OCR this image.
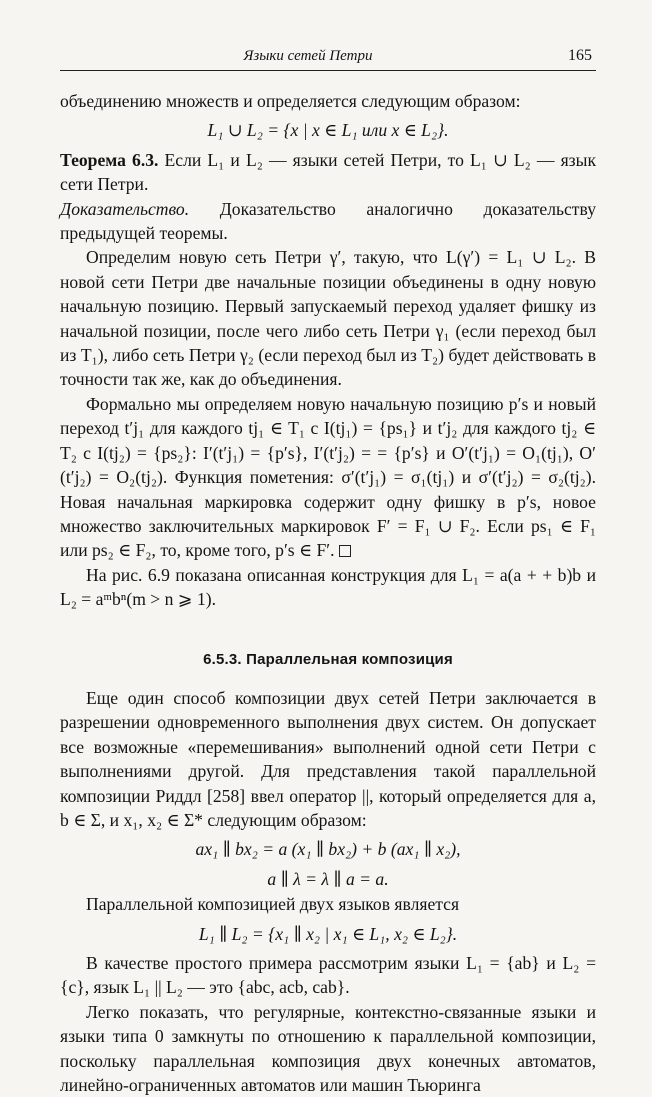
Языки сетей Петри	165

объединению множеств и определяется следующим образом:

L₁ ∪ L₂ = {x | x ∈ L₁ или x ∈ L₂}.

Теорема 6.3. Если L₁ и L₂ — языки сетей Петри, то L₁ ∪ L₂ — язык сети Петри.

Доказательство. Доказательство аналогично доказательству предыдущей теоремы.

Определим новую сеть Петри γ′, такую, что L(γ′) = L₁ ∪ L₂. В новой сети Петри две начальные позиции объединены в одну новую начальную позицию. Первый запускаемый переход удаляет фишку из начальной позиции, после чего либо сеть Петри γ₁ (если переход был из T₁), либо сеть Петри γ₂ (если переход был из T₂) будет действовать в точности так же, как до объединения.

Формально мы определяем новую начальную позицию p′s и новый переход t′j₁ для каждого tj₁ ∈ T₁ с I(tj₁) = {ps₁} и t′j₂ для каждого tj₂ ∈ T₂ с I(tj₂) = {ps₂}: I′(t′j₁) = {p′s}, I′(t′j₂) = = {p′s} и O′(t′j₁) = O₁(tj₁), O′(t′j₂) = O₂(tj₂). Функция пометения: σ′(t′j₁) = σ₁(tj₁) и σ′(t′j₂) = σ₂(tj₂). Новая начальная маркировка содержит одну фишку в p′s, новое множество заключительных маркировок F′ = F₁ ∪ F₂. Если ps₁ ∈ F₁ или ps₂ ∈ F₂, то, кроме того, p′s ∈ F′.

На рис. 6.9 показана описанная конструкция для L₁ = a(a + + b)b и L₂ = aᵐbⁿ(m > n ⩾ 1).

6.5.3. Параллельная композиция

Еще один способ композиции двух сетей Петри заключается в разрешении одновременного выполнения двух систем. Он допускает все возможные «перемешивания» выполнений одной сети Петри с выполнениями другой. Для представления такой параллельной композиции Риддл [258] ввел оператор ||, который определяется для a, b ∈ Σ, и x₁, x₂ ∈ Σ* следующим образом:

ax₁ ∥ bx₂ = a (x₁ ∥ bx₂) + b (ax₁ ∥ x₂),
a ∥ λ = λ ∥ a = a.

Параллельной композицией двух языков является

L₁ ∥ L₂ = {x₁ ∥ x₂ | x₁ ∈ L₁, x₂ ∈ L₂}.

В качестве простого примера рассмотрим языки L₁ = {ab} и L₂ = {c}, язык L₁ || L₂ — это {abc, acb, cab}.

Легко показать, что регулярные, контекстно-связанные языки и языки типа 0 замкнуты по отношению к параллельной композиции, поскольку параллельная композиция двух конечных автоматов, линейно-ограниченных автоматов или машин Тьюринга
